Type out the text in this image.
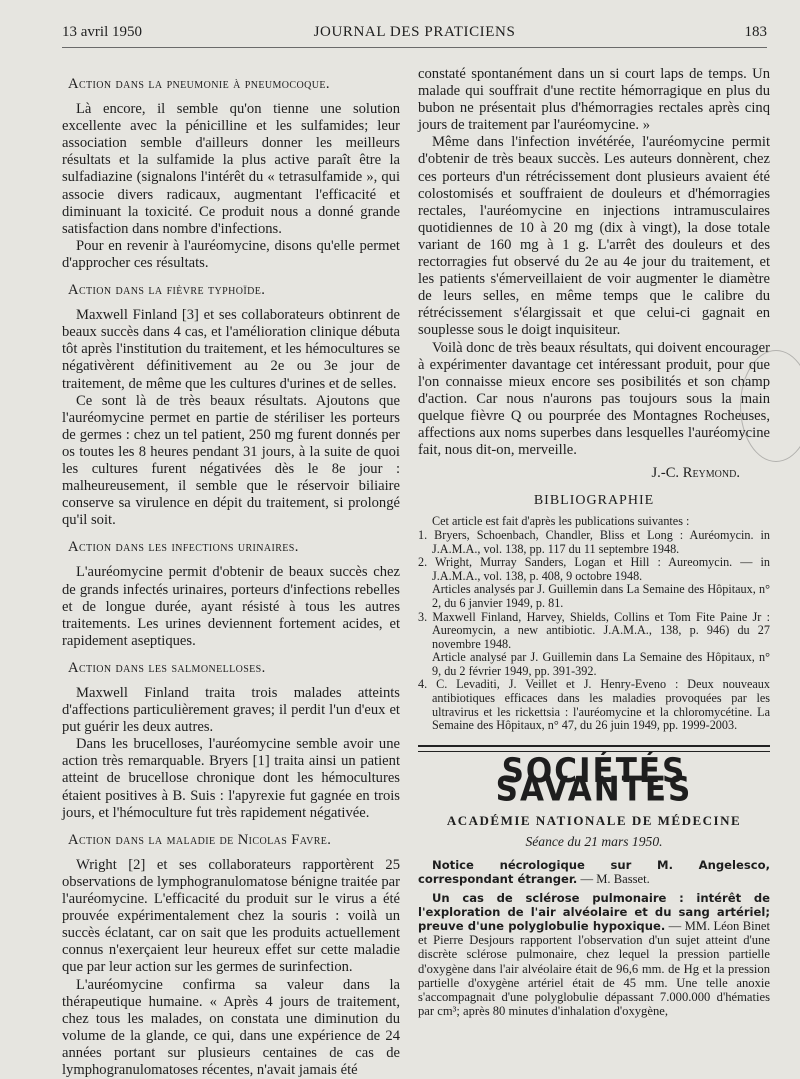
13 avril 1950	JOURNAL DES PRATICIENS	183
Action dans la pneumonie à pneumocoque.

Là encore, il semble qu'on tienne une solution excellente avec la pénicilline et les sulfamides; leur association semble d'ailleurs donner les meilleurs résultats et la sulfamide la plus active paraît être la sulfadiazine (signalons l'intérêt du « tetrasulfamide », qui associe divers radicaux, augmentant l'efficacité et diminuant la toxicité. Ce produit nous a donné grande satisfaction dans nombre d'infections.

Pour en revenir à l'auréomycine, disons qu'elle permet d'approcher ces résultats.

Action dans la fièvre typhoïde.

Maxwell Finland [3] et ses collaborateurs obtinrent de beaux succès dans 4 cas, et l'amélioration clinique débuta tôt après l'institution du traitement, et les hémocultures se négativèrent définitivement au 2e ou 3e jour de traitement, de même que les cultures d'urines et de selles.

Ce sont là de très beaux résultats. Ajoutons que l'auréomycine permet en partie de stériliser les porteurs de germes : chez un tel patient, 250 mg furent donnés per os toutes les 8 heures pendant 31 jours, à la suite de quoi les cultures furent négativées dès le 8e jour : malheureusement, il semble que le réservoir biliaire conserve sa virulence en dépit du traitement, si prolongé qu'il soit.

Action dans les infections urinaires.

L'auréomycine permit d'obtenir de beaux succès chez de grands infectés urinaires, porteurs d'infections rebelles et de longue durée, ayant résisté à tous les autres traitements. Les urines deviennent fortement acides, et rapidement aseptiques.

Action dans les salmonelloses.

Maxwell Finland traita trois malades atteints d'affections particulièrement graves; il perdit l'un d'eux et put guérir les deux autres.

Dans les brucelloses, l'auréomycine semble avoir une action très remarquable. Bryers [1] traita ainsi un patient atteint de brucellose chronique dont les hémocultures étaient positives à B. Suis : l'apyrexie fut gagnée en trois jours, et l'hémoculture fut très rapidement négativée.

Action dans la maladie de Nicolas Favre.

Wright [2] et ses collaborateurs rapportèrent 25 observations de lymphogranulomatose bénigne traitée par l'auréomycine. L'efficacité du produit sur le virus a été prouvée expérimentalement chez la souris : voilà un succès éclatant, car on sait que les produits actuellement connus n'exerçaient leur heureux effet sur cette maladie que par leur action sur les germes de surinfection.

L'auréomycine confirma sa valeur dans la thérapeutique humaine. « Après 4 jours de traitement, chez tous les malades, on constata une diminution du volume de la glande, ce qui, dans une expérience de 24 années portant sur plusieurs centaines de cas de lymphogranulomatoses récentes, n'avait jamais été

constaté spontanément dans un si court laps de temps. Un malade qui souffrait d'une rectite hémorragique en plus du bubon ne présentait plus d'hémorragies rectales après cinq jours de traitement par l'auréomycine. »

Même dans l'infection invétérée, l'auréomycine permit d'obtenir de très beaux succès. Les auteurs donnèrent, chez ces porteurs d'un rétrécissement dont plusieurs avaient été colostomisés et souffraient de douleurs et d'hémorragies rectales, l'auréomycine en injections intramusculaires quotidiennes de 10 à 20 mg (dix à vingt), la dose totale variant de 160 mg à 1 g. L'arrêt des douleurs et des rectorragies fut observé du 2e au 4e jour du traitement, et les patients s'émerveillaient de voir augmenter le diamètre de leurs selles, en même temps que le calibre du rétrécissement s'élargissait et que celui-ci gagnait en souplesse sous le doigt inquisiteur.

Voilà donc de très beaux résultats, qui doivent encourager à expérimenter davantage cet intéressant produit, pour que l'on connaisse mieux encore ses posibilités et son champ d'action. Car nous n'aurons pas toujours sous la main quelque fièvre Q ou pourprée des Montagnes Rocheuses, affections aux noms superbes dans lesquelles l'auréomycine fait, nous dit-on, merveille.

J.-C. Reymond.
BIBLIOGRAPHIE

Cet article est fait d'après les publications suivantes :

1. Bryers, Schoenbach, Chandler, Bliss et Long : Auréomycin. in J.A.M.A., vol. 138, pp. 117 du 11 septembre 1948.

2. Wright, Murray Sanders, Logan et Hill : Aureomycin. — in J.A.M.A., vol. 138, p. 408, 9 octobre 1948.

Articles analysés par J. Guillemin dans La Semaine des Hôpitaux, n° 2, du 6 janvier 1949, p. 81.

3. Maxwell Finland, Harvey, Shields, Collins et Tom Fite Paine Jr : Aureomycin, a new antibiotic. J.A.M.A., 138, p. 946) du 27 novembre 1948.

Article analysé par J. Guillemin dans La Semaine des Hôpitaux, n° 9, du 2 février 1949, pp. 391-392.

4. C. Levaditi, J. Veillet et J. Henry-Eveno : Deux nouveaux antibiotiques efficaces dans les maladies provoquées par les ultravirus et les rickettsia : l'auréomycine et la chloromycétine. La Semaine des Hôpitaux, n° 47, du 26 juin 1949, pp. 1999-2003.

SOCIÉTÉS SAVANTES
ACADÉMIE NATIONALE DE MÉDECINE
Séance du 21 mars 1950.

Notice nécrologique sur M. Angelesco, correspondant étranger. — M. Basset.

Un cas de sclérose pulmonaire : intérêt de l'exploration de l'air alvéolaire et du sang artériel; preuve d'une polyglobulie hypoxique. — MM. Léon Binet et Pierre Desjours rapportent l'observation d'un sujet atteint d'une discrète sclérose pulmonaire, chez lequel la pression partielle d'oxygène dans l'air alvéolaire était de 96,6 mm. de Hg et la pression partielle d'oxygène artériel était de 45 mm. Une telle anoxie s'accompagnait d'une polyglobulie dépassant 7.000.000 d'hématies par cm³; après 80 minutes d'inhalation d'oxygène,
